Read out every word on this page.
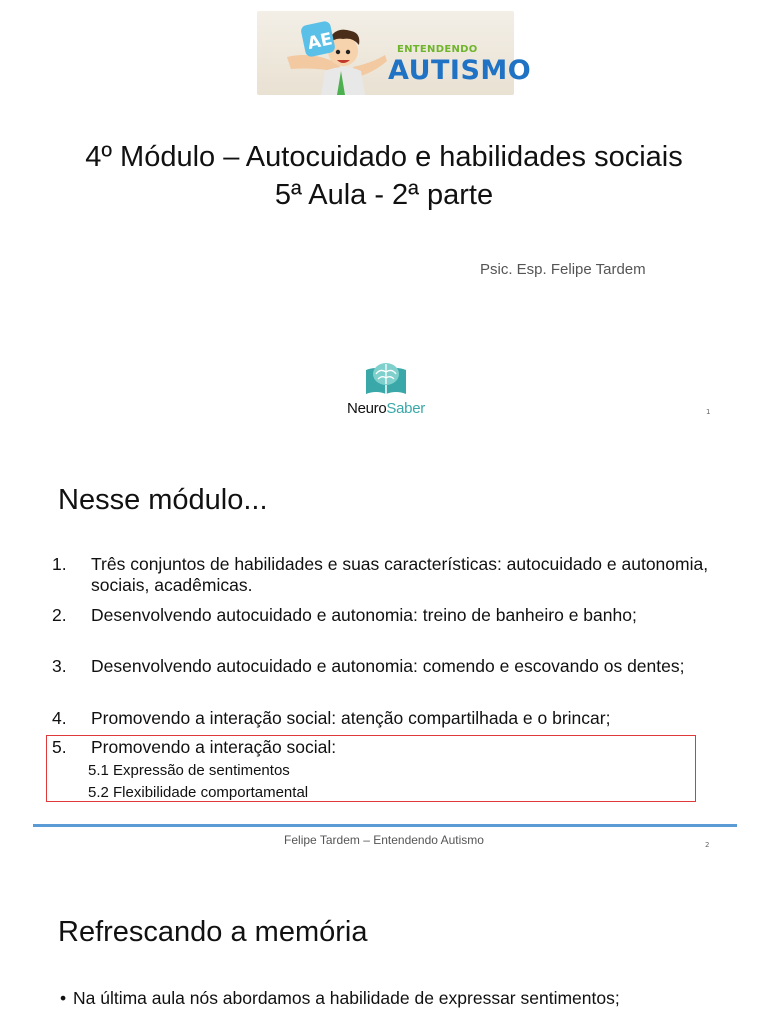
AE	ENTENDENDO
AUTISMO
4º Módulo – Autocuidado e habilidades sociais
5ª Aula - 2ª parte
Psic. Esp. Felipe Tardem
NeuroSaber	1
Nesse módulo...
1. Três conjuntos de habilidades e suas características: autocuidado e autonomia, sociais, acadêmicas.
2. Desenvolvendo autocuidado e autonomia: treino de banheiro e banho;
3. Desenvolvendo autocuidado e autonomia: comendo e escovando os dentes;
4. Promovendo a interação social: atenção compartilhada e o brincar;
5. Promovendo a interação social:
5.1 Expressão de sentimentos
5.2 Flexibilidade comportamental
Felipe Tardem – Entendendo Autismo	2
Refrescando a memória
• Na última aula nós abordamos a habilidade de expressar sentimentos;
